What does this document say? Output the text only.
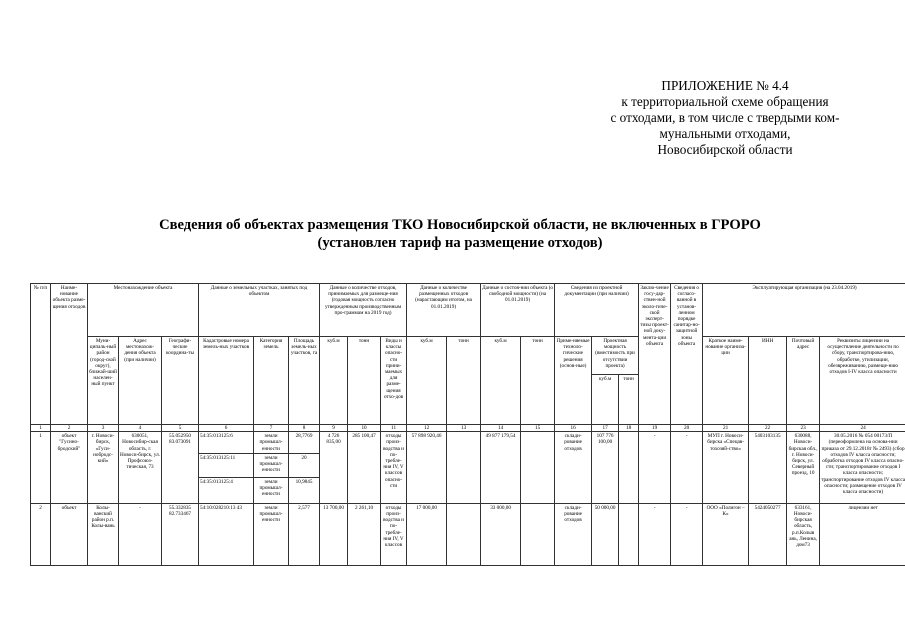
ПРИЛОЖЕНИЕ № 4.4
к территориальной схеме обращения
с отходами, в том числе с твердыми ком-
мунальными отходами,
Новосибирской области
Сведения об объектах размещения ТКО Новосибирской области, не включенных в ГРОРО
(установлен тариф на размещение отходов)
№ п/п	Наиме-нование объекта разме-щения отходов	Местонахождение объекта			Данные о земельных участках, занятых под объектом			Данные о количестве отходов, принимаемых для размеще-ния (годовая мощность согласно утвержденным производственным про-граммам на 2019 год)			Данные о количестве размещенных отходов (нарастающим итогом, на 01.01.2019)		Данные о состоя-нии объекта (о свободной мощности) (на 01.01.2019)		Сведения из проектной документации (при наличии)			Заклю-чение госу-дар-ствен-ной эколо-гиче-ской эксперт-тизы проект-ной доку-мента-ции объекта	Сведения о согласо-ванной в установ-ленном порядке санитар-но-защитной зоны объекта	Эксплуатирующая организация (на 23.04.2019)			
		Муни-ципаль-ный район (город-ской округ), ближай-ший населен-ный пункт	Адрес местонахож-дения объекта (при наличии)	Географи-ческие координа-ты	Кадастровые номера земель-ных участков	Категория земель	Площадь земель-ных участков, га	куб.м	тонн	Виды и классы опасно-сти прини-маемых для разме-щения отхо-дов	куб.м	тонн	куб.м	тонн	Приме-няемые техноло-гические решения (основ-ные)	Проектная мощность (вместимость при отсутствии проекта)				Краткое наиме-нование организа-ции	ИНН	Почтовый адрес	Реквизиты лицензии на осуществление деятельности по сбору, транспортирова-нию, обработке, утилизации, обезвреживанию, размеще-нию отходов I-IV класса опасности
																куб.м	тонн						
1	2	3	4	5	6	7	8	9	10	11	12	13	14	15	16	17	18	19	20	21	22	23	24
1	объект "Гусино-бродский"	г. Новоси-бирск, «Гуси-нобродс-кий»	630051, Новосибир-ская область, г. Новоси-бирск, ул. Профсоюз-тическая, 73	55.052950 83.073091	54:35:013125:6	земли промышл-енности	28,7769	4 726 835,00	285 100,47	отходы произ-водства и по-требле-ния IV, V классов опасно-сти	57 898 920,46		49 877 179,54		склади-рование отходов	107 776 100,00		-	-	МУП г. Новоси-бирска «Спецав-тохозяй-ство»	5403103135	630088, Новоси-бирская обл., г. Новоси-бирск, ул. Северный проезд, 10	30.05.2016 № 054 00173/П (переоформлена на основа-нии приказа от 29.12.2018г № 2493) (сбор отходов IV класса опасности; обработка отходов IV класса опасно-сти; транспортирование отходов I класса опасности; транспортирование отходов IV класса опасности; размещение отходов IV класса опасности)
					54:35:013125:11	земли промышл-енности	20																
					54:35:013125:4	земли промышл-енности	10,9845																
2	объект	Колы-ванский район р.п. Колы-вань	-	55.332835 82.733467	54:10:028210:13 43	земли промышл-енности	2,577	13 700,00	2 261,10	отходы произ-водства и по-требле-ния IV, V классов	17 000,00		33 000,00		склади-рование отходов	50 000,00		-	-	ООО «Полигон – К»	5424050277	633161, Новоси-бирская область, р.п.Колыв ань, Ленина, дом73	лицензии нет
